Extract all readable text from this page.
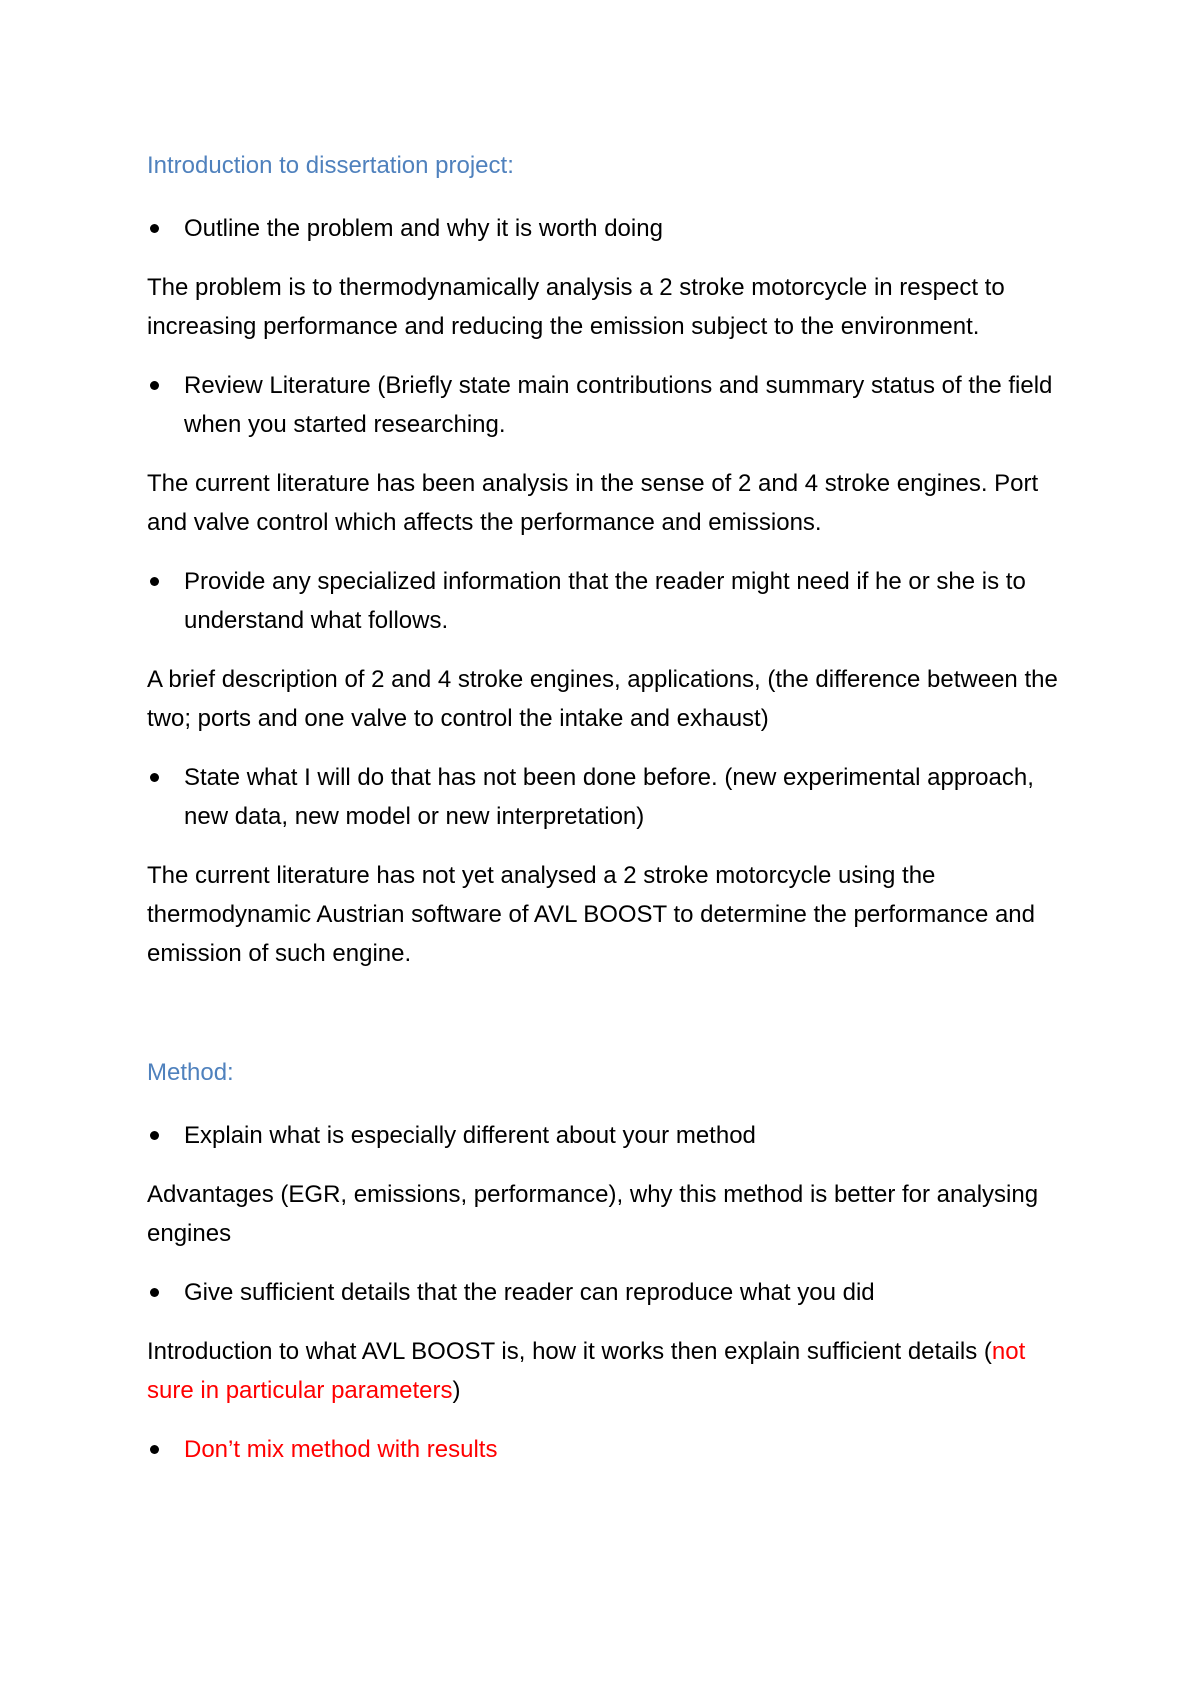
Introduction to dissertation project:
Outline the problem and why it is worth doing
The problem is to thermodynamically analysis a 2 stroke motorcycle in respect to increasing performance and reducing the emission subject to the environment.
Review Literature (Briefly state main contributions and summary status of the field when you started researching.
The current literature has been analysis in the sense of 2 and 4 stroke engines. Port and valve control which affects the performance and emissions.
Provide any specialized information that the reader might need if he or she is to understand what follows.
A brief description of 2 and 4 stroke engines, applications, (the difference between the two; ports and one valve to control the intake and exhaust)
State what I will do that has not been done before. (new experimental approach, new data, new model or new interpretation)
The current literature has not yet analysed a 2 stroke motorcycle using the thermodynamic Austrian software of AVL BOOST to determine the performance and emission of such engine.
Method:
Explain what is especially different about your method
Advantages (EGR, emissions, performance), why this method is better for analysing engines
Give sufficient details that the reader can reproduce what you did
Introduction to what AVL BOOST is, how it works then explain sufficient details (not sure in particular parameters)
Don’t mix method with results
